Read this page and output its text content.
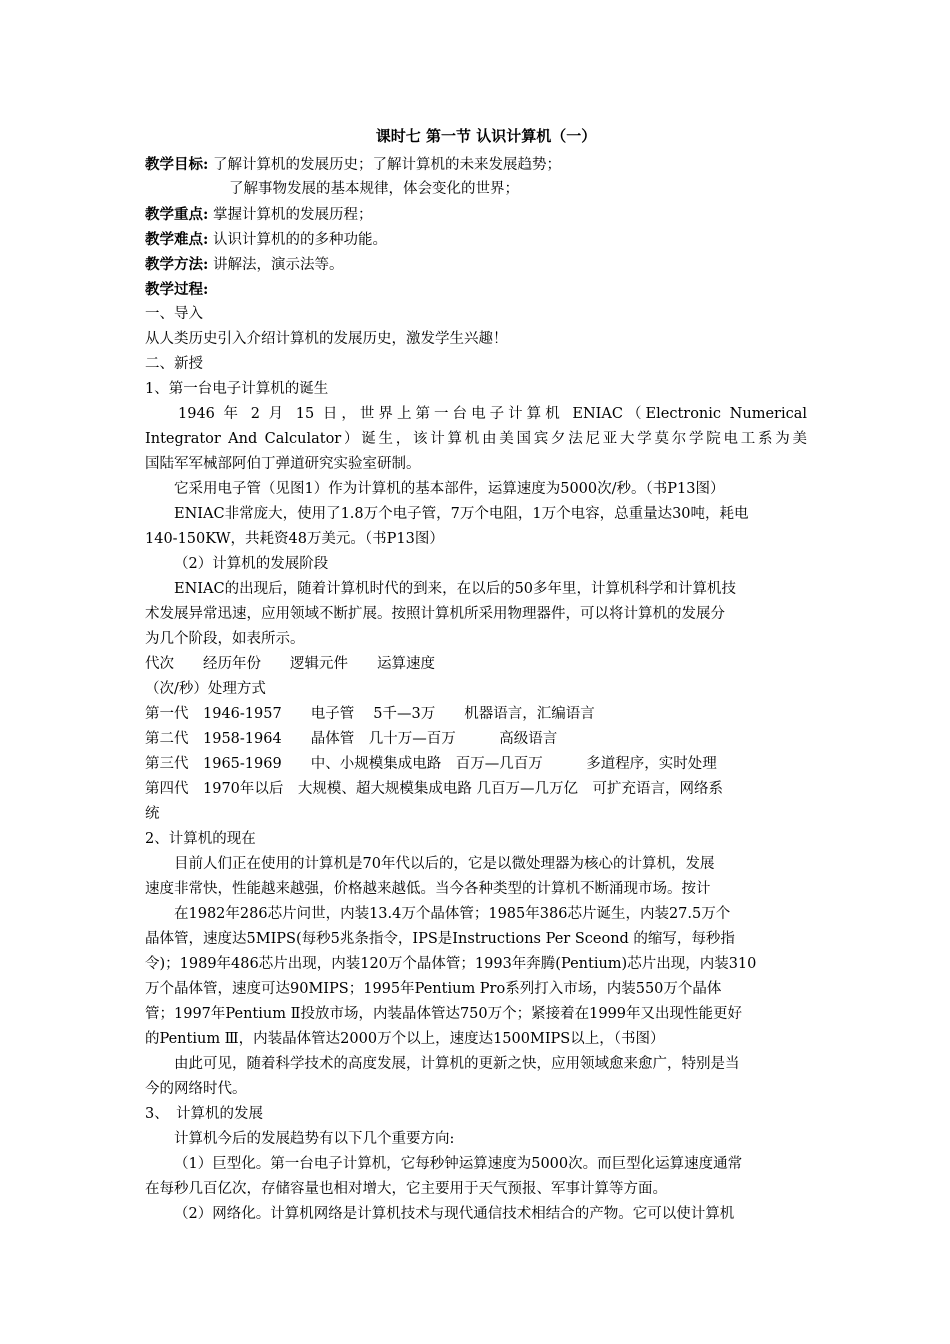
课时七 第一节 认识计算机（一）
教学目标: 了解计算机的发展历史；了解计算机的未来发展趋势；
了解事物发展的基本规律，体会变化的世界；
教学重点: 掌握计算机的发展历程；
教学难点: 认识计算机的的多种功能。
教学方法: 讲解法，演示法等。
教学过程:
一、导入
从人类历史引入介绍计算机的发展历史，激发学生兴趣！
二、新授
1、第一台电子计算机的诞生
1946 年 2 月 15 日，世界上第一台电子计算机 ENIAC（Electronic Numerical
Integrator And Calculator）诞生，该计算机由美国宾夕法尼亚大学莫尔学院电工系为美
国陆军军械部阿伯丁弹道研究实验室研制。
它采用电子管（见图1）作为计算机的基本部件，运算速度为5000次/秒。（书P13图）
ENIAC非常庞大，使用了1.8万个电子管，7万个电阻，1万个电容，总重量达30吨，耗电
140-150KW，共耗资48万美元。（书P13图）
（2）计算机的发展阶段
ENIAC的出现后，随着计算机时代的到来，在以后的50多年里，计算机科学和计算机技
术发展异常迅速，应用领域不断扩展。按照计算机所采用物理器件，可以将计算机的发展分
为几个阶段，如表所示。
代次　　经历年份　　逻辑元件　　运算速度
（次/秒）处理方式
第一代　1946-1957　　电子管　 5千—3万　　机器语言，汇编语言
第二代　1958-1964　　晶体管　几十万—百万　　　高级语言
第三代　1965-1969　　中、小规模集成电路　百万—几百万　　　多道程序，实时处理
第四代　1970年以后　大规模、超大规模集成电路 几百万—几万亿　可扩充语言，网络系
统
2、计算机的现在
目前人们正在使用的计算机是70年代以后的，它是以微处理器为核心的计算机，发展
速度非常快，性能越来越强，价格越来越低。当今各种类型的计算机不断涌现市场。按计
在1982年286芯片问世，内装13.4万个晶体管；1985年386芯片诞生，内装27.5万个
晶体管，速度达5MIPS(每秒5兆条指令，IPS是Instructions Per Sceond 的缩写，每秒指
令)；1989年486芯片出现，内装120万个晶体管；1993年奔腾(Pentium)芯片出现，内装310
万个晶体管，速度可达90MIPS；1995年Pentium Pro系列打入市场，内装550万个晶体
管；1997年Pentium Ⅱ投放市场，内装晶体管达750万个；紧接着在1999年又出现性能更好
的Pentium Ⅲ，内装晶体管达2000万个以上，速度达1500MIPS以上，（书图）
由此可见，随着科学技术的高度发展，计算机的更新之快，应用领域愈来愈广，特别是当
今的网络时代。
3、　计算机的发展
计算机今后的发展趋势有以下几个重要方向:
（1）巨型化。第一台电子计算机，它每秒钟运算速度为5000次。而巨型化运算速度通常
在每秒几百亿次，存储容量也相对增大，它主要用于天气预报、军事计算等方面。
（2）网络化。计算机网络是计算机技术与现代通信技术相结合的产物。它可以使计算机
